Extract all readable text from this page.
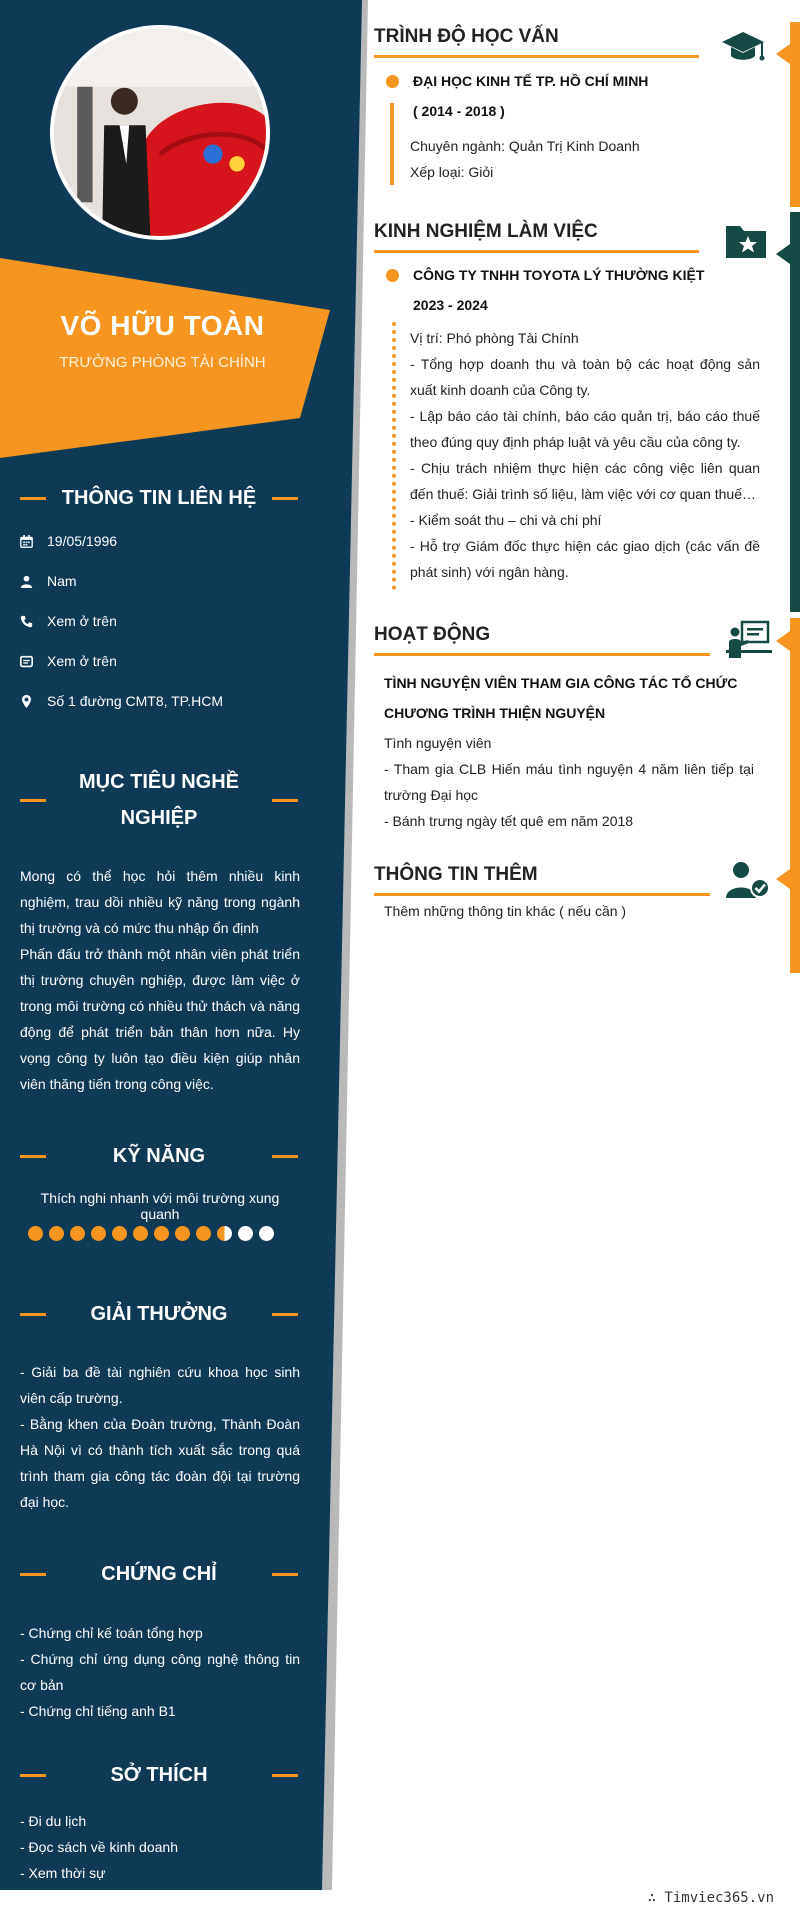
VÕ HỮU TOÀN
TRƯỞNG PHÒNG TÀI CHÍNH
THÔNG TIN LIÊN HỆ
19/05/1996
Nam
Xem ở trên
Xem ở trên
Số 1 đường CMT8, TP.HCM
MỤC TIÊU NGHỀ
NGHIỆP

Mong có thể học hỏi thêm nhiều kinh nghiệm, trau dồi nhiều kỹ năng trong ngành thị trường và có mức thu nhập ổn định

Phấn đấu trở thành một nhân viên phát triển thị trường chuyên nghiệp, được làm việc ở trong môi trường có nhiều thử thách và năng động để phát triển bản thân hơn nữa. Hy vọng công ty luôn tạo điều kiện giúp nhân viên thăng tiến trong công việc.

KỸ NĂNG
Thích nghi nhanh với môi trường xung quanh
GIẢI THƯỞNG

- Giải ba đề tài nghiên cứu khoa học sinh viên cấp trường.

- Bằng khen của Đoàn trường, Thành Đoàn Hà Nội vì có thành tích xuất sắc trong quá trình tham gia công tác đoàn đội tại trường đại học.

CHỨNG CHỈ

- Chứng chỉ kế toán tổng hợp

- Chứng chỉ ứng dụng công nghệ thông tin cơ bản

- Chứng chỉ tiếng anh B1

SỞ THÍCH

- Đi du lịch

- Đọc sách về kinh doanh

- Xem thời sự

TRÌNH ĐỘ HỌC VẤN
ĐẠI HỌC KINH TẾ TP. HỒ CHÍ MINH
( 2014 - 2018 )
Chuyên ngành: Quản Trị Kinh Doanh
Xếp loại: Giỏi
KINH NGHIỆM LÀM VIỆC
CÔNG TY TNHH TOYOTA LÝ THƯỜNG KIỆT
2023 - 2024
Vị trí: Phó phòng Tài Chính
- Tổng hợp doanh thu và toàn bộ các hoạt động sản xuất kinh doanh của Công ty.
- Lập báo cáo tài chính, báo cáo quản trị, báo cáo thuế theo đúng quy định pháp luật và yêu cầu của công ty.
- Chịu trách nhiệm thực hiện các công việc liên quan đến thuế: Giải trình số liệu, làm việc với cơ quan thuế…
- Kiểm soát thu – chi và chi phí
- Hỗ trợ Giám đốc thực hiện các giao dịch (các vấn đề phát sinh) với ngân hàng.
HOẠT ĐỘNG
TÌNH NGUYỆN VIÊN THAM GIA CÔNG TÁC TỔ CHỨC CHƯƠNG TRÌNH THIỆN NGUYỆN
Tình nguyện viên
- Tham gia CLB Hiến máu tình nguyện 4 năm liên tiếp tại trường Đại học
- Bánh trưng ngày tết quê em năm 2018
THÔNG TIN THÊM
Thêm những thông tin khác ( nếu cần )
∴ Timviec365.vn
